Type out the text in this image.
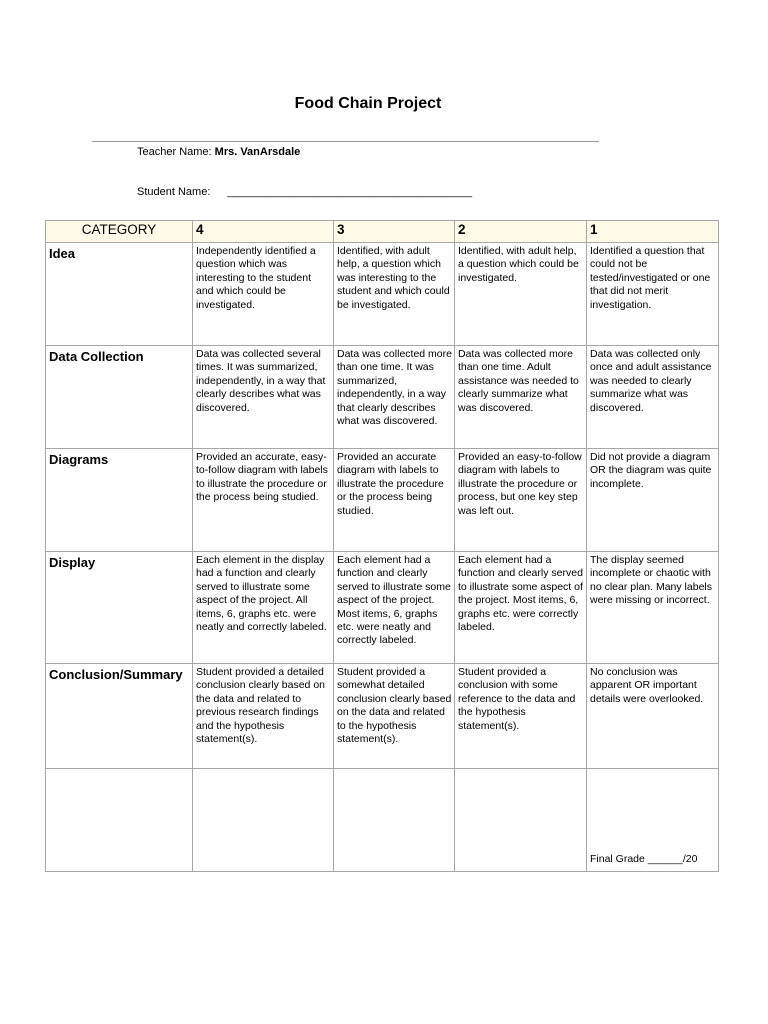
Food Chain Project
Teacher Name: Mrs. VanArsdale
Student Name: ________________________________________
CATEGORY	4	3	2	1
Idea	Independently identified a question which was interesting to the student and which could be investigated.	Identified, with adult help, a question which was interesting to the student and which could be investigated.	Identified, with adult help, a question which could be investigated.	Identified a question that could not be tested/investigated or one that did not merit investigation.
Data Collection	Data was collected several times. It was summarized, independently, in a way that clearly describes what was discovered.	Data was collected more than one time. It was summarized, independently, in a way that clearly describes what was discovered.	Data was collected more than one time. Adult assistance was needed to clearly summarize what was discovered.	Data was collected only once and adult assistance was needed to clearly summarize what was discovered.
Diagrams	Provided an accurate, easy-to-follow diagram with labels to illustrate the procedure or the process being studied.	Provided an accurate diagram with labels to illustrate the procedure or the process being studied.	Provided an easy-to-follow diagram with labels to illustrate the procedure or process, but one key step was left out.	Did not provide a diagram OR the diagram was quite incomplete.
Display	Each element in the display had a function and clearly served to illustrate some aspect of the project. All items, 6, graphs etc. were neatly and correctly labeled.	Each element had a function and clearly served to illustrate some aspect of the project. Most items, 6, graphs etc. were neatly and correctly labeled.	Each element had a function and clearly served to illustrate some aspect of the project. Most items, 6, graphs etc. were correctly labeled.	The display seemed incomplete or chaotic with no clear plan. Many labels were missing or incorrect.
Conclusion/Summary	Student provided a detailed conclusion clearly based on the data and related to previous research findings and the hypothesis statement(s).	Student provided a somewhat detailed conclusion clearly based on the data and related to the hypothesis statement(s).	Student provided a conclusion with some reference to the data and the hypothesis statement(s).	No conclusion was apparent OR important details were overlooked.
				Final Grade ______/20
